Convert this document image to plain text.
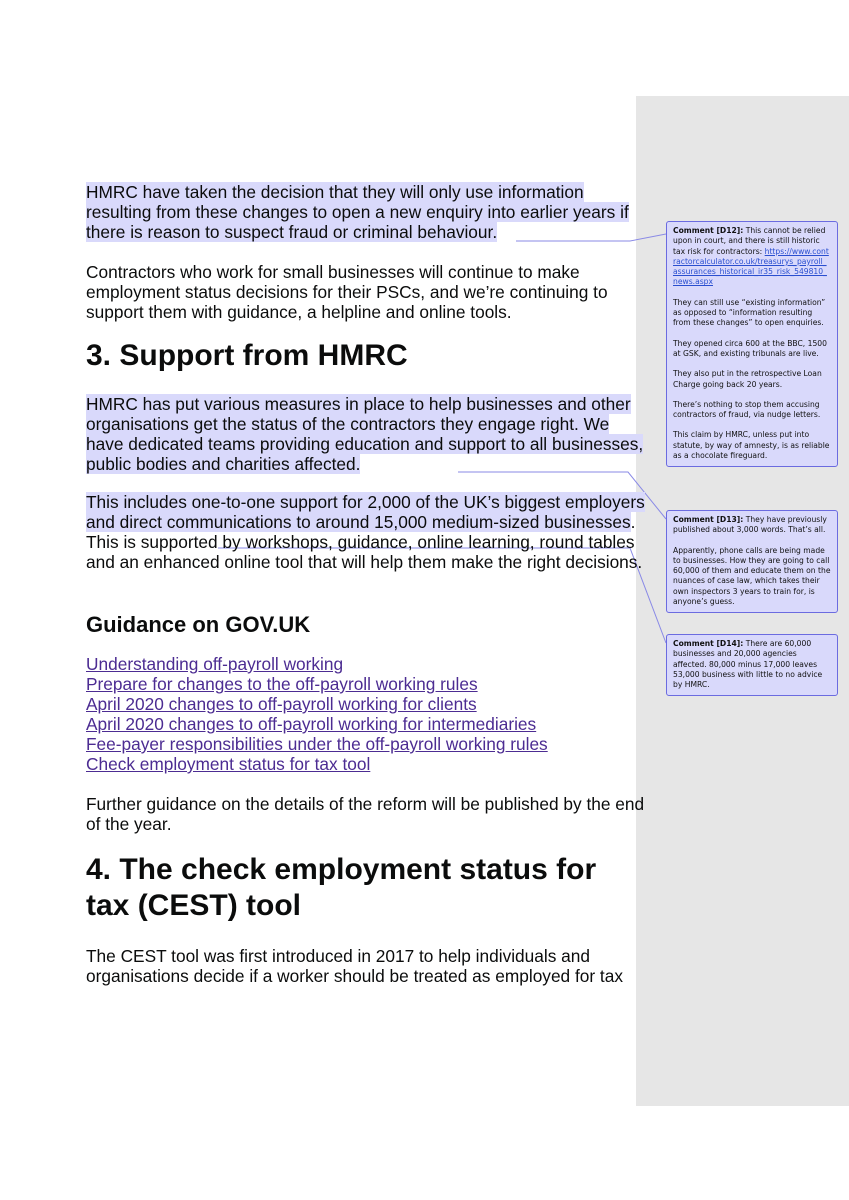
HMRC have taken the decision that they will only use information resulting from these changes to open a new enquiry into earlier years if there is reason to suspect fraud or criminal behaviour.
Contractors who work for small businesses will continue to make employment status decisions for their PSCs, and we’re continuing to support them with guidance, a helpline and online tools.
3. Support from HMRC
HMRC has put various measures in place to help businesses and other organisations get the status of the contractors they engage right. We have dedicated teams providing education and support to all businesses, public bodies and charities affected.
This includes one-to-one support for 2,000 of the UK’s biggest employers and direct communications to around 15,000 medium-sized businesses. This is supported by workshops, guidance, online learning, round tables and an enhanced online tool that will help them make the right decisions.
Guidance on GOV.UK
Understanding off-payroll working
Prepare for changes to the off-payroll working rules
April 2020 changes to off-payroll working for clients
April 2020 changes to off-payroll working for intermediaries
Fee-payer responsibilities under the off-payroll working rules
Check employment status for tax tool
Further guidance on the details of the reform will be published by the end of the year.
4. The check employment status for tax (CEST) tool
The CEST tool was first introduced in 2017 to help individuals and organisations decide if a worker should be treated as employed for tax

Comment [D12]: This cannot be relied upon in court, and there is still historic tax risk for contractors: https://www.contractorcalculator.co.uk/treasurys_payroll_assurances_historical_ir35_risk_549810_news.aspx

They can still use “existing information” as opposed to “information resulting from these changes” to open enquiries.

They opened circa 600 at the BBC, 1500 at GSK, and existing tribunals are live.

They also put in the retrospective Loan Charge going back 20 years.

There’s nothing to stop them accusing contractors of fraud, via nudge letters.

This claim by HMRC, unless put into statute, by way of amnesty, is as reliable as a chocolate fireguard.

Comment [D13]: They have previously published about 3,000 words. That’s all.

Apparently, phone calls are being made to businesses. How they are going to call 60,000 of them and educate them on the nuances of case law, which takes their own inspectors 3 years to train for, is anyone’s guess.

Comment [D14]: There are 60,000 businesses and 20,000 agencies affected. 80,000 minus 17,000 leaves 53,000 business with little to no advice by HMRC.
